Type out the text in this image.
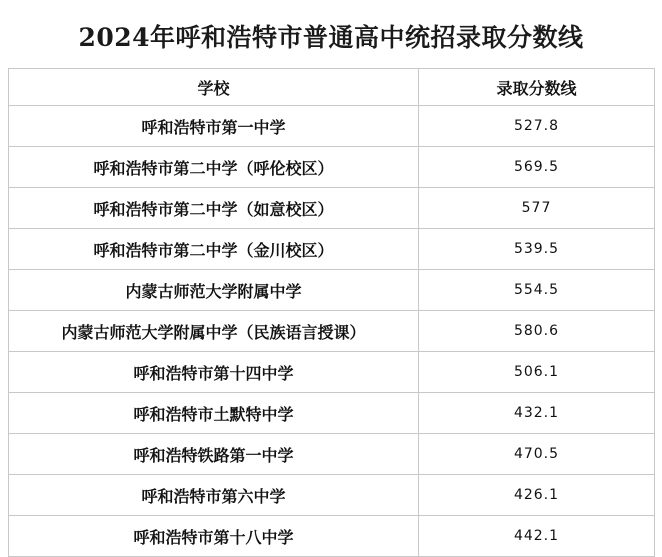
2024年呼和浩特市普通高中统招录取分数线
学校	录取分数线
呼和浩特市第一中学	527.8
呼和浩特市第二中学（呼伦校区）	569.5
呼和浩特市第二中学（如意校区）	577
呼和浩特市第二中学（金川校区）	539.5
内蒙古师范大学附属中学	554.5
内蒙古师范大学附属中学（民族语言授课）	580.6
呼和浩特市第十四中学	506.1
呼和浩特市土默特中学	432.1
呼和浩特铁路第一中学	470.5
呼和浩特市第六中学	426.1
呼和浩特市第十八中学	442.1
